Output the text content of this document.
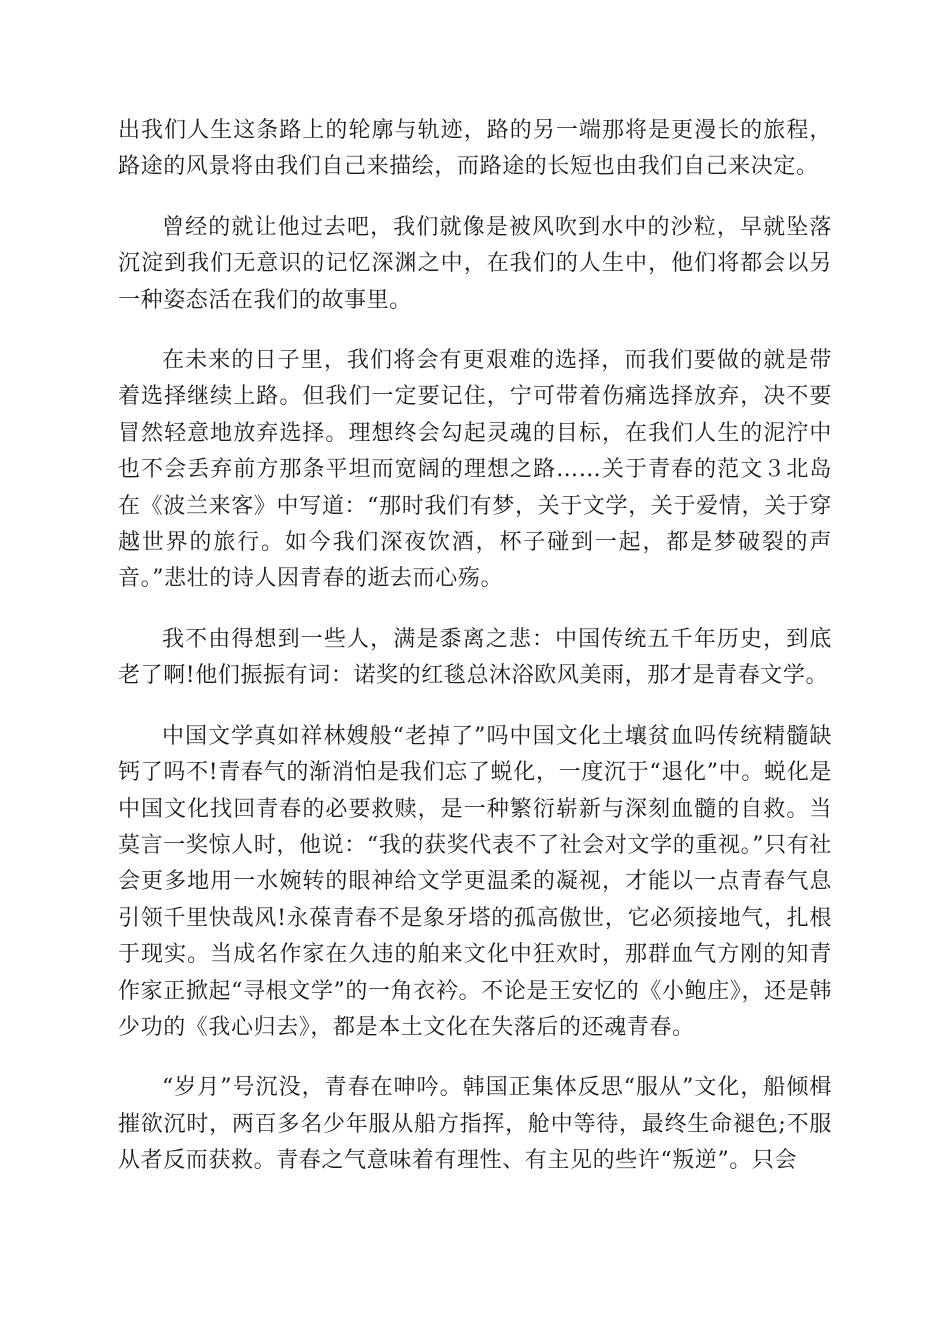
出我们人生这条路上的轮廓与轨迹，路的另一端那将是更漫长的旅程，路途的风景将由我们自己来描绘，而路途的长短也由我们自己来决定。

曾经的就让他过去吧，我们就像是被风吹到水中的沙粒，早就坠落沉淀到我们无意识的记忆深渊之中，在我们的人生中，他们将都会以另一种姿态活在我们的故事里。

在未来的日子里，我们将会有更艰难的选择，而我们要做的就是带着选择继续上路。但我们一定要记住，宁可带着伤痛选择放弃，决不要冒然轻意地放弃选择。理想终会勾起灵魂的目标，在我们人生的泥泞中也不会丢弃前方那条平坦而宽阔的理想之路……关于青春的范文３北岛在《波兰来客》中写道：“那时我们有梦，关于文学，关于爱情，关于穿越世界的旅行。如今我们深夜饮酒，杯子碰到一起，都是梦破裂的声音。”悲壮的诗人因青春的逝去而心殇。

我不由得想到一些人，满是黍离之悲：中国传统五千年历史，到底老了啊!他们振振有词：诺奖的红毯总沐浴欧风美雨，那才是青春文学。

中国文学真如祥林嫂般“老掉了”吗中国文化土壤贫血吗传统精髓缺钙了吗不!青春气的渐消怕是我们忘了蜕化，一度沉于“退化”中。蜕化是中国文化找回青春的必要救赎，是一种繁衍崭新与深刻血髓的自救。当莫言一奖惊人时，他说：“我的获奖代表不了社会对文学的重视。”只有社会更多地用一水婉转的眼神给文学更温柔的凝视，才能以一点青春气息引领千里快哉风!永葆青春不是象牙塔的孤高傲世，它必须接地气，扎根于现实。当成名作家在久违的舶来文化中狂欢时，那群血气方刚的知青作家正掀起“寻根文学”的一角衣衿。不论是王安忆的《小鲍庄》，还是韩少功的《我心归去》，都是本土文化在失落后的还魂青春。

“岁月”号沉没，青春在呻吟。韩国正集体反思“服从”文化，船倾楫摧欲沉时，两百多名少年服从船方指挥，舱中等待，最终生命褪色;不服从者反而获救。青春之气意味着有理性、有主见的些许“叛逆”。只会
